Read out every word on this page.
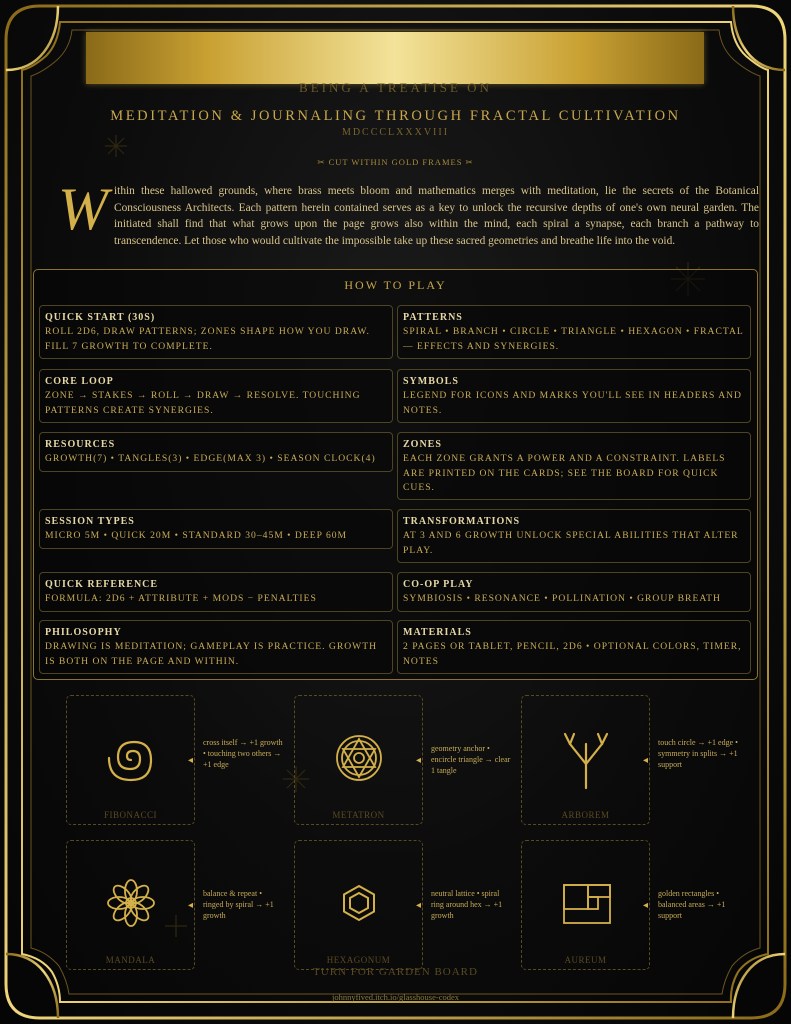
BEING A TREATISE ON
MEDITATION & JOURNALING THROUGH FRACTAL CULTIVATION
MDCCCLXXXVIII
✂ CUT WITHIN GOLD FRAMES ✂
Within these hallowed grounds, where brass meets bloom and mathematics merges with meditation, lie the secrets of the Botanical Consciousness Architects. Each pattern herein contained serves as a key to unlock the recursive depths of one's own neural garden. The initiated shall find that what grows upon the page grows also within the mind, each spiral a synapse, each branch a pathway to transcendence. Let those who would cultivate the impossible take up these sacred geometries and breathe life into the void.
HOW TO PLAY
QUICK START (30S)
ROLL 2D6, DRAW PATTERNS; ZONES SHAPE HOW YOU DRAW. FILL 7 GROWTH TO COMPLETE.
PATTERNS
SPIRAL • BRANCH • CIRCLE • TRIANGLE • HEXAGON • FRACTAL — EFFECTS AND SYNERGIES.
CORE LOOP
ZONE → STAKES → ROLL → DRAW → RESOLVE. TOUCHING PATTERNS CREATE SYNERGIES.
SYMBOLS
LEGEND FOR ICONS AND MARKS YOU'LL SEE IN HEADERS AND NOTES.
RESOURCES
GROWTH(7) • TANGLES(3) • EDGE(MAX 3) • SEASON CLOCK(4)
ZONES
EACH ZONE GRANTS A POWER AND A CONSTRAINT. LABELS ARE PRINTED ON THE CARDS; SEE THE BOARD FOR QUICK CUES.
SESSION TYPES
MICRO 5M • QUICK 20M • STANDARD 30–45M • DEEP 60M
TRANSFORMATIONS
AT 3 AND 6 GROWTH UNLOCK SPECIAL ABILITIES THAT ALTER PLAY.
QUICK REFERENCE
FORMULA: 2D6 + ATTRIBUTE + MODS − PENALTIES
CO-OP PLAY
SYMBIOSIS • RESONANCE • POLLINATION • GROUP BREATH
PHILOSOPHY
DRAWING IS MEDITATION; GAMEPLAY IS PRACTICE. GROWTH IS BOTH ON THE PAGE AND WITHIN.
MATERIALS
2 PAGES OR TABLET, PENCIL, 2D6 • OPTIONAL COLORS, TIMER, NOTES
FIBONACCI
◂
cross itself → +1 growth • touching two others → +1 edge
METATRON
◂
geometry anchor • encircle triangle → clear 1 tangle
ARBOREM
◂
touch circle → +1 edge • symmetry in splits → +1 support
MANDALA
◂
balance & repeat • ringed by spiral → +1 growth
HEXAGONUM
◂
neutral lattice • spiral ring around hex → +1 growth
AUREUM
◂
golden rectangles • balanced areas → +1 support
TURN FOR GARDEN BOARD
johnnyfived.itch.io/glasshouse-codex
